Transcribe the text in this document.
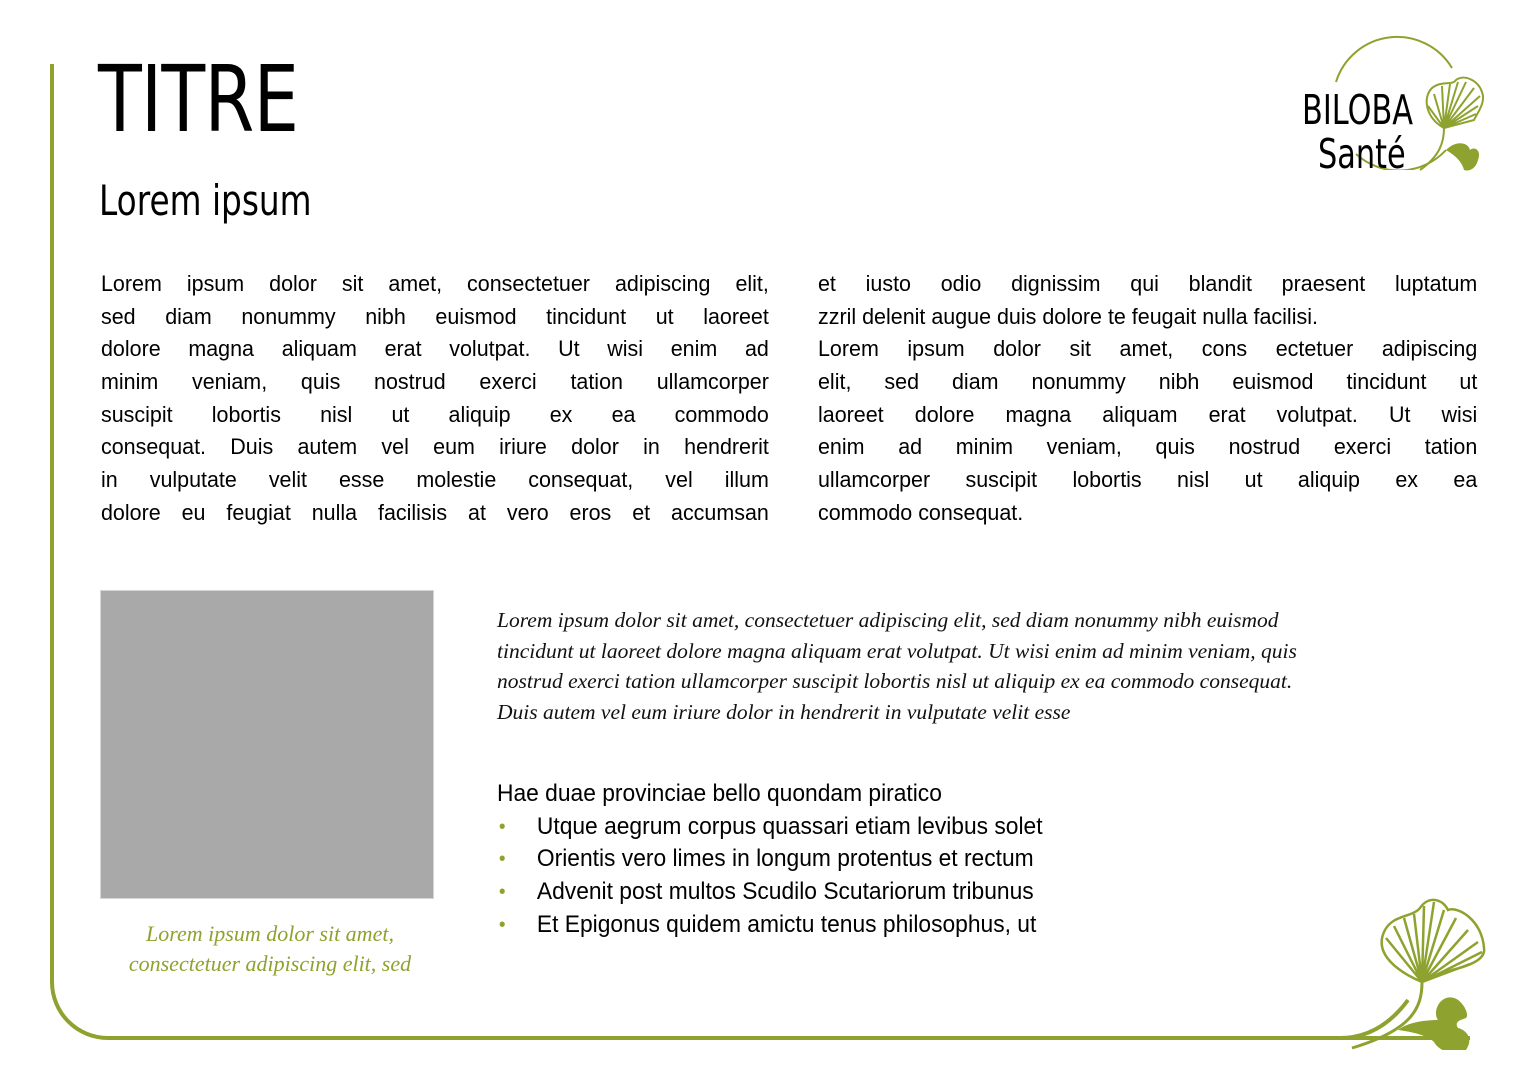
TITRE
Lorem ipsum
BILOBA
Santé
Lorem ipsum dolor sit amet, consectetuer adipiscing elit,
sed diam nonummy nibh euismod tincidunt ut laoreet
dolore magna aliquam erat volutpat. Ut wisi enim ad
minim veniam, quis nostrud exerci tation ullamcorper
suscipit lobortis nisl ut aliquip ex ea commodo
consequat. Duis autem vel eum iriure dolor in hendrerit
in vulputate velit esse molestie consequat, vel illum
dolore eu feugiat nulla facilisis at vero eros et accumsan
et iusto odio dignissim qui blandit praesent luptatum
zzril delenit augue duis dolore te feugait nulla facilisi.
Lorem ipsum dolor sit amet, cons ectetuer adipiscing
elit, sed diam nonummy nibh euismod tincidunt ut
laoreet dolore magna aliquam erat volutpat. Ut wisi
enim ad minim veniam, quis nostrud exerci tation
ullamcorper suscipit lobortis nisl ut aliquip ex ea
commodo consequat.
Lorem ipsum dolor sit amet,
consectetuer adipiscing elit, sed
Lorem ipsum dolor sit amet, consectetuer adipiscing elit, sed diam nonummy nibh euismod
tincidunt ut laoreet dolore magna aliquam erat volutpat. Ut wisi enim ad minim veniam, quis
nostrud exerci tation ullamcorper suscipit lobortis nisl ut aliquip ex ea commodo consequat.
Duis autem vel eum iriure dolor in hendrerit in vulputate velit esse
Hae duae provinciae bello quondam piratico
• Utque aegrum corpus quassari etiam levibus solet
• Orientis vero limes in longum protentus et rectum
• Advenit post multos Scudilo Scutariorum tribunus
• Et Epigonus quidem amictu tenus philosophus, ut
